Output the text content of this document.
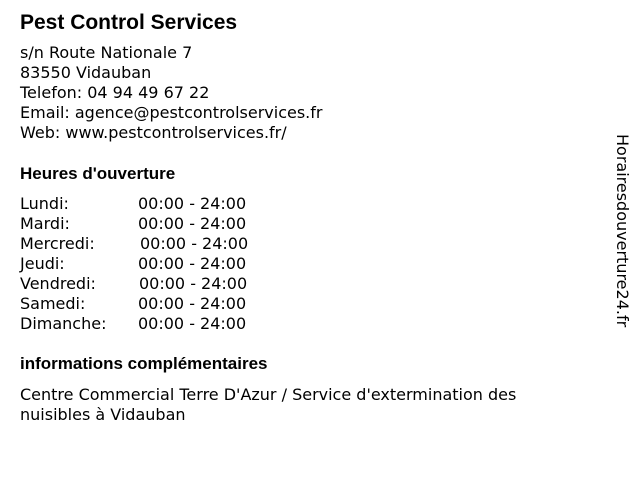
Pest Control Services
s/n Route Nationale 7
83550 Vidauban
Telefon: 04 94 49 67 22
Email: agence@pestcontrolservices.fr
Web: www.pestcontrolservices.fr/
Heures d'ouverture
Lundi:	00:00 - 24:00
Mardi:	00:00 - 24:00
Mercredi:	00:00 - 24:00
Jeudi:	00:00 - 24:00
Vendredi:	00:00 - 24:00
Samedi:	00:00 - 24:00
Dimanche: 00:00 - 24:00
informations complémentaires
Centre Commercial Terre D'Azur / Service d'extermination des nuisibles à Vidauban
Horairesdouverture24.fr
